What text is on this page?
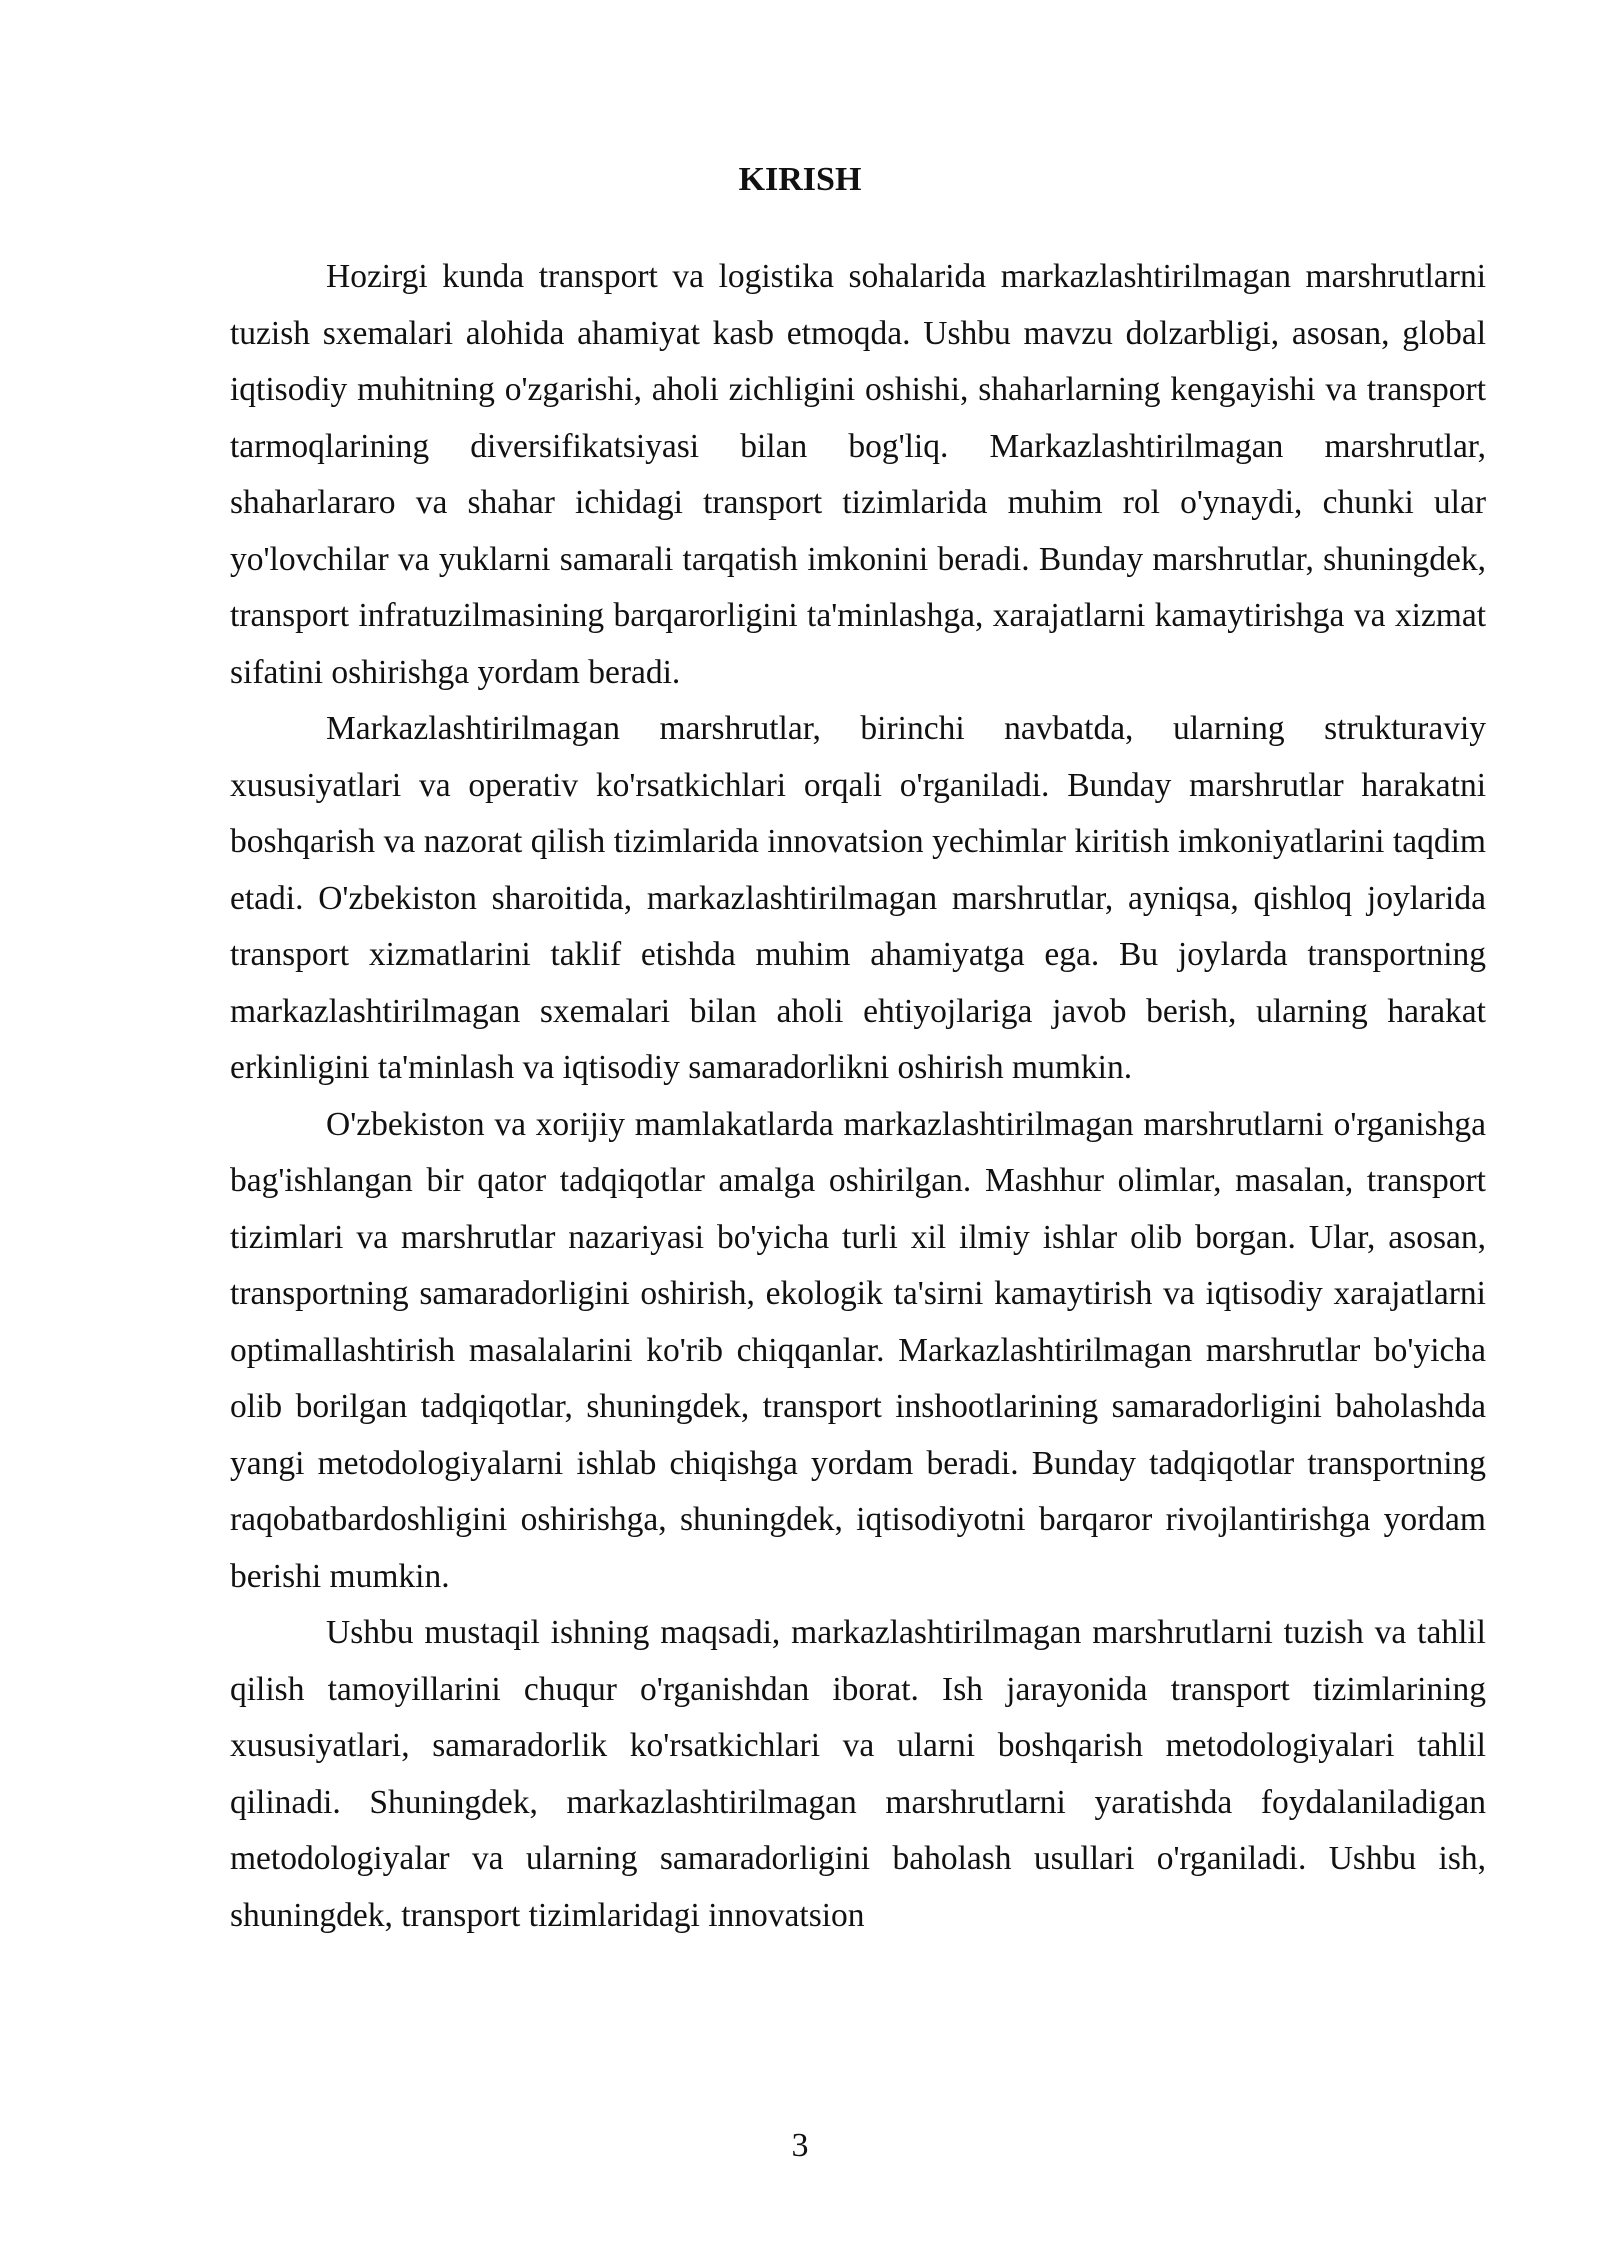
KIRISH

Hozirgi kunda transport va logistika sohalarida markazlashtirilmagan marshrutlarni tuzish sxemalari alohida ahamiyat kasb etmoqda. Ushbu mavzu dolzarbligi, asosan, global iqtisodiy muhitning o'zgarishi, aholi zichligini oshishi, shaharlarning kengayishi va transport tarmoqlarining diversifikatsiyasi bilan bog'liq. Markazlashtirilmagan marshrutlar, shaharlararo va shahar ichidagi transport tizimlarida muhim rol o'ynaydi, chunki ular yo'lovchilar va yuklarni samarali tarqatish imkonini beradi. Bunday marshrutlar, shuningdek, transport infratuzilmasining barqarorligini ta'minlashga, xarajatlarni kamaytirishga va xizmat sifatini oshirishga yordam beradi.

Markazlashtirilmagan marshrutlar, birinchi navbatda, ularning strukturaviy xususiyatlari va operativ ko'rsatkichlari orqali o'rganiladi. Bunday marshrutlar harakatni boshqarish va nazorat qilish tizimlarida innovatsion yechimlar kiritish imkoniyatlarini taqdim etadi. O'zbekiston sharoitida, markazlashtirilmagan marshrutlar, ayniqsa, qishloq joylarida transport xizmatlarini taklif etishda muhim ahamiyatga ega. Bu joylarda transportning markazlashtirilmagan sxemalari bilan aholi ehtiyojlariga javob berish, ularning harakat erkinligini ta'minlash va iqtisodiy samaradorlikni oshirish mumkin.

O'zbekiston va xorijiy mamlakatlarda markazlashtirilmagan marshrutlarni o'rganishga bag'ishlangan bir qator tadqiqotlar amalga oshirilgan. Mashhur olimlar, masalan, transport tizimlari va marshrutlar nazariyasi bo'yicha turli xil ilmiy ishlar olib borgan. Ular, asosan, transportning samaradorligini oshirish, ekologik ta'sirni kamaytirish va iqtisodiy xarajatlarni optimallashtirish masalalarini ko'rib chiqqanlar. Markazlashtirilmagan marshrutlar bo'yicha olib borilgan tadqiqotlar, shuningdek, transport inshootlarining samaradorligini baholashda yangi metodologiyalarni ishlab chiqishga yordam beradi. Bunday tadqiqotlar transportning raqobatbardoshligini oshirishga, shuningdek, iqtisodiyotni barqaror rivojlantirishga yordam berishi mumkin.

Ushbu mustaqil ishning maqsadi, markazlashtirilmagan marshrutlarni tuzish va tahlil qilish tamoyillarini chuqur o'rganishdan iborat. Ish jarayonida transport tizimlarining xususiyatlari, samaradorlik ko'rsatkichlari va ularni boshqarish metodologiyalari tahlil qilinadi. Shuningdek, markazlashtirilmagan marshrutlarni yaratishda foydalaniladigan metodologiyalar va ularning samaradorligini baholash usullari o'rganiladi. Ushbu ish, shuningdek, transport tizimlaridagi innovatsion

3
